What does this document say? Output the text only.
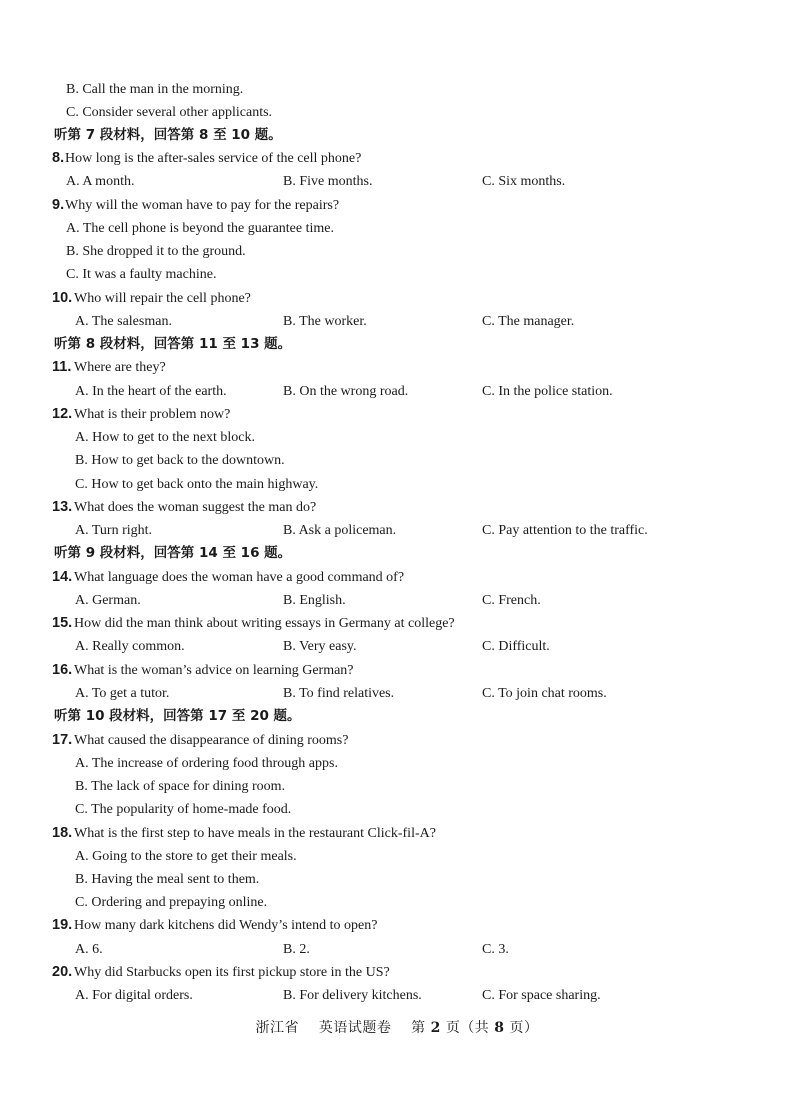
B. Call the man in the morning.
C. Consider several other applicants.
听第 7 段材料，回答第 8 至 10 题。
8. How long is the after-sales service of the cell phone?
A. A month.	B. Five months.	C. Six months.
9. Why will the woman have to pay for the repairs?
A. The cell phone is beyond the guarantee time.
B. She dropped it to the ground.
C. It was a faulty machine.
10. Who will repair the cell phone?
A. The salesman.	B. The worker.	C. The manager.
听第 8 段材料，回答第 11 至 13 题。
11. Where are they?
A. In the heart of the earth.	B. On the wrong road.	C. In the police station.
12. What is their problem now?
A. How to get to the next block.
B. How to get back to the downtown.
C. How to get back onto the main highway.
13. What does the woman suggest the man do?
A. Turn right.	B. Ask a policeman.	C. Pay attention to the traffic.
听第 9 段材料，回答第 14 至 16 题。
14. What language does the woman have a good command of?
A. German.	B. English.	C. French.
15. How did the man think about writing essays in Germany at college?
A. Really common.	B. Very easy.	C. Difficult.
16. What is the woman’s advice on learning German?
A. To get a tutor.	B. To find relatives.	C. To join chat rooms.
听第 10 段材料，回答第 17 至 20 题。
17. What caused the disappearance of dining rooms?
A. The increase of ordering food through apps.
B. The lack of space for dining room.
C. The popularity of home-made food.
18. What is the first step to have meals in the restaurant Click-fil-A?
A. Going to the store to get their meals.
B. Having the meal sent to them.
C. Ordering and prepaying online.
19. How many dark kitchens did Wendy’s intend to open?
A. 6.	B. 2.	C. 3.
20. Why did Starbucks open its first pickup store in the US?
A. For digital orders.	B. For delivery kitchens.	C. For space sharing.
浙江省 英语试题卷 第 2 页（共 8 页）
